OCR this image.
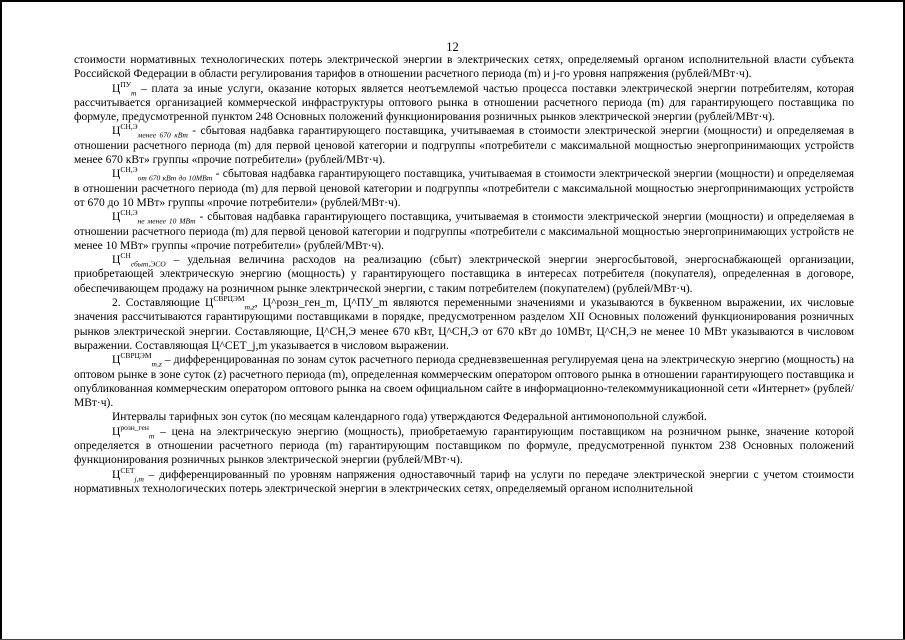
12

стоимости нормативных технологических потерь электрической энергии в электрических сетях, определяемый органом исполнительной власти субъекта Российской Федерации в области регулирования тарифов в отношении расчетного периода (m) и j-го уровня напряжения (рублей/МВт·ч).

$Ц^{ПУ}_m$ – плата за иные услуги, оказание которых является неотъемлемой частью процесса поставки электрической энергии потребителям, которая рассчитывается организацией коммерческой инфраструктуры оптового рынка в отношении расчетного периода (m) для гарантирующего поставщика по формуле, предусмотренной пунктом 248 Основных положений функционирования розничных рынков электрической энергии (рублей/МВт·ч).

$Ц^{СН,Э}_{менее 670 кВт}$ - сбытовая надбавка гарантирующего поставщика, учитываемая в стоимости электрической энергии (мощности) и определяемая в отношении расчетного периода (m) для первой ценовой категории и подгруппы «потребители с максимальной мощностью энергопринимающих устройств менее 670 кВт» группы «прочие потребители» (рублей/МВт·ч).

$Ц^{СН,Э}_{от 670 кВт до 10МВт}$ - сбытовая надбавка гарантирующего поставщика, учитываемая в стоимости электрической энергии (мощности) и определяемая в отношении расчетного периода (m) для первой ценовой категории и подгруппы «потребители с максимальной мощностью энергопринимающих устройств от 670 до 10 МВт» группы «прочие потребители» (рублей/МВт·ч).

$Ц^{СН,Э}_{не менее 10 МВт}$ - сбытовая надбавка гарантирующего поставщика, учитываемая в стоимости электрической энергии (мощности) и определяемая в отношении расчетного периода (m) для первой ценовой категории и подгруппы «потребители с максимальной мощностью энергопринимающих устройств не менее 10 МВт» группы «прочие потребители» (рублей/МВт·ч).

$Ц^{СН}_{сбыт,ЭСО}$ – удельная величина расходов на реализацию (сбыт) электрической энергии энергосбытовой, энергоснабжающей организации, приобретающей электрическую энергию (мощность) у гарантирующего поставщика в интересах потребителя (покупателя), определенная в договоре, обеспечивающем продажу на розничном рынке электрической энергии, с таким потребителем (покупателем) (рублей/МВт·ч).

2. Составляющие $Ц^{СВРЦЭМ}_{m,z}$, Ц^розн_ген_m, Ц^ПУ_m являются переменными значениями и указываются в буквенном выражении, их числовые значения рассчитываются гарантирующими поставщиками в порядке, предусмотренном разделом XII Основных положений функционирования розничных рынков электрической энергии. Составляющие, Ц^СН,Э менее 670 кВт, Ц^СН,Э от 670 кВт до 10МВт, Ц^СН,Э не менее 10 МВт указываются в числовом выражении. Составляющая Ц^СЕТ_j,m указывается в числовом выражении.

$Ц^{СВРЦЭМ}_{m,z}$ – дифференцированная по зонам суток расчетного периода средневзвешенная регулируемая цена на электрическую энергию (мощность) на оптовом рынке в зоне суток (z) расчетного периода (m), определенная коммерческим оператором оптового рынка в отношении гарантирующего поставщика и опубликованная коммерческим оператором оптового рынка на своем официальном сайте в информационно-телекоммуникационной сети «Интернет» (рублей/МВт·ч).

Интервалы тарифных зон суток (по месяцам календарного года) утверждаются Федеральной антимонопольной службой.

$Ц^{розн\_ген}_m$ – цена на электрическую энергию (мощность), приобретаемую гарантирующим поставщиком на розничном рынке, значение которой определяется в отношении расчетного периода (m) гарантирующим поставщиком по формуле, предусмотренной пунктом 238 Основных положений функционирования розничных рынков электрической энергии (рублей/МВт·ч).

$Ц^{СЕТ}_{j,m}$ – дифференцированный по уровням напряжения одноставочный тариф на услуги по передаче электрической энергии с учетом стоимости нормативных технологических потерь электрической энергии в электрических сетях, определяемый органом исполнительной
